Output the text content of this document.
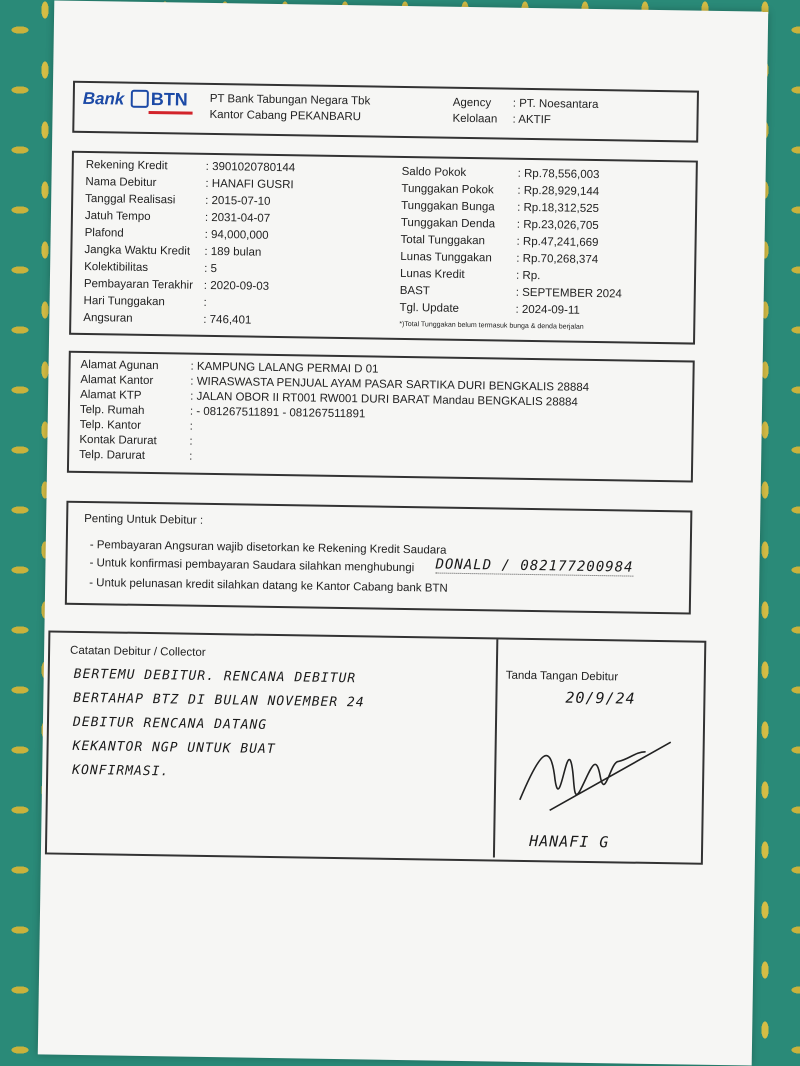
Bank BTN PT Bank Tabungan Negara Tbk
Kantor Cabang PEKANBARU
Agency : PT. Noesantara
Kelolaan : AKTIF
Rekening Kredit	: 3901020780144
Nama Debitur	: HANAFI GUSRI
Tanggal Realisasi	: 2015-07-10
Jatuh Tempo	: 2031-04-07
Plafond	: 94,000,000
Jangka Waktu Kredit : 189 bulan
Kolektibilitas	: 5
Pembayaran Terakhir : 2020-09-03
Hari Tunggakan	:
Angsuran	: 746,401
Saldo Pokok	: Rp.78,556,003
Tunggakan Pokok : Rp.28,929,144
Tunggakan Bunga : Rp.18,312,525
Tunggakan Denda : Rp.23,026,705
Total Tunggakan	: Rp.47,241,669
Lunas Tunggakan : Rp.70,268,374
Lunas Kredit	: Rp.
BAST	: SEPTEMBER 2024
Tgl. Update	: 2024-09-11
*)Total Tunggakan belum termasuk bunga & denda berjalan
Alamat Agunan	: KAMPUNG LALANG PERMAI D 01
Alamat Kantor	: WIRASWASTA PENJUAL AYAM PASAR SARTIKA DURI BENGKALIS 28884
Alamat KTP	: JALAN OBOR II RT001 RW001 DURI BARAT Mandau BENGKALIS 28884
Telp. Rumah	: - 081267511891 - 081267511891
Telp. Kantor	:
Kontak Darurat	:
Telp. Darurat	:
Penting Untuk Debitur :
- Pembayaran Angsuran wajib disetorkan ke Rekening Kredit Saudara
- Untuk konfirmasi pembayaran Saudara silahkan menghubungi DONALD / 082177200984
- Untuk pelunasan kredit silahkan datang ke Kantor Cabang bank BTN
Catatan Debitur / Collector
BERTEMU DEBITUR. RENCANA DEBITUR
BERTAHAP BTZ DI BULAN NOVEMBER 24
DEBITUR RENCANA DATANG
KEKANTOR NGP UNTUK BUAT
KONFIRMASI.
Tanda Tangan Debitur
20/9/24
HANAFI G
